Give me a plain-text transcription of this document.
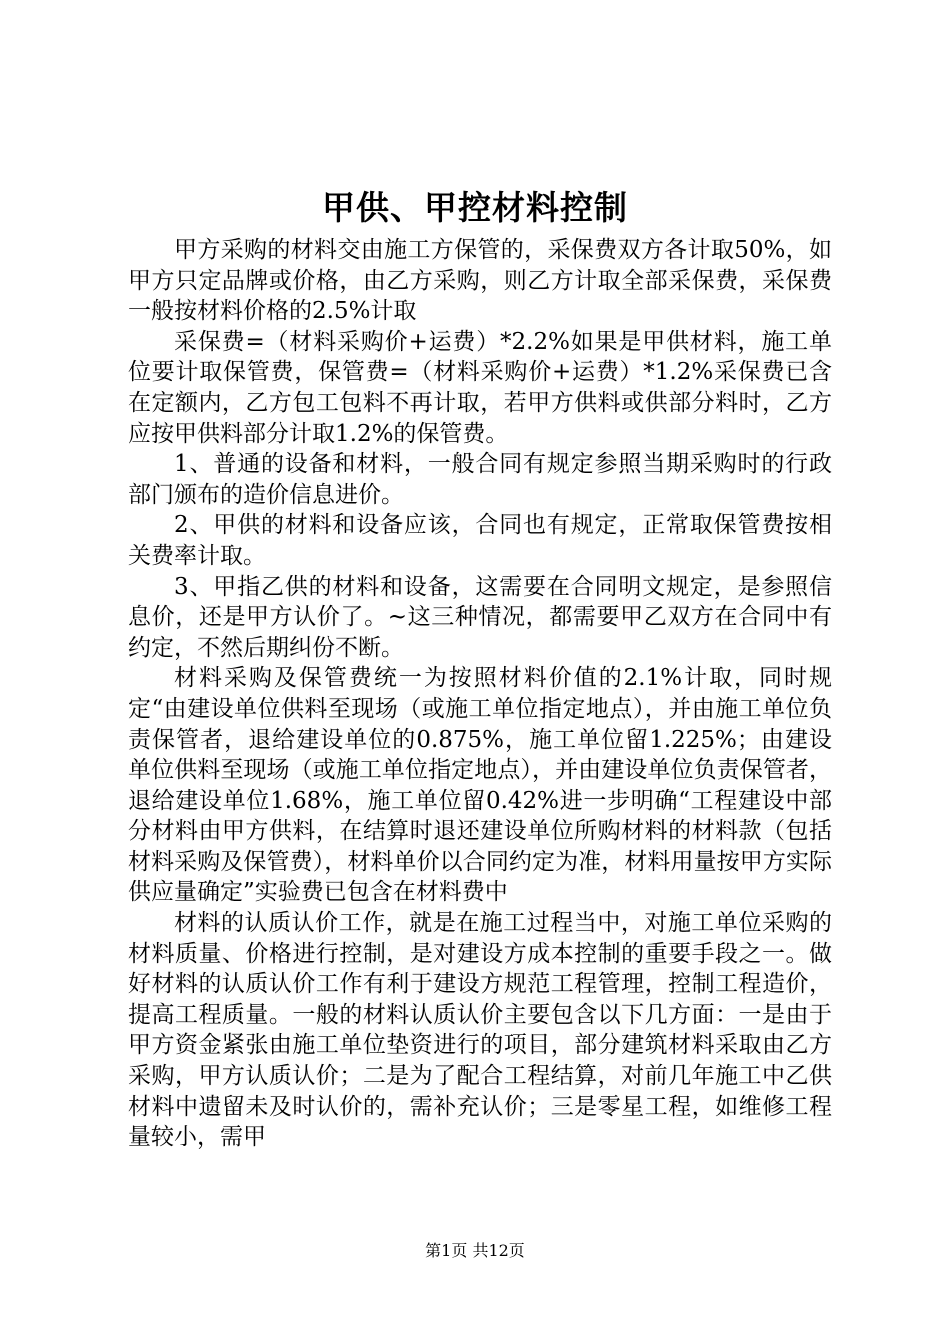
甲供、甲控材料控制

甲方采购的材料交由施工方保管的，采保费双方各计取50%，如甲方只定品牌或价格，由乙方采购，则乙方计取全部采保费，采保费一般按材料价格的2.5%计取

采保费=（材料采购价+运费）*2.2%如果是甲供材料，施工单位要计取保管费，保管费=（材料采购价+运费）*1.2%采保费已含在定额内，乙方包工包料不再计取，若甲方供料或供部分料时，乙方应按甲供料部分计取1.2%的保管费。

1、普通的设备和材料，一般合同有规定参照当期采购时的行政部门颁布的造价信息进价。

2、甲供的材料和设备应该，合同也有规定，正常取保管费按相关费率计取。

3、甲指乙供的材料和设备，这需要在合同明文规定，是参照信息价，还是甲方认价了。~这三种情况，都需要甲乙双方在合同中有约定，不然后期纠份不断。

材料采购及保管费统一为按照材料价值的2.1%计取，同时规定“由建设单位供料至现场（或施工单位指定地点），并由施工单位负责保管者，退给建设单位的0.875%，施工单位留1.225%；由建设单位供料至现场（或施工单位指定地点），并由建设单位负责保管者，退给建设单位1.68%，施工单位留0.42%进一步明确“工程建设中部分材料由甲方供料，在结算时退还建设单位所购材料的材料款（包括材料采购及保管费），材料单价以合同约定为准，材料用量按甲方实际供应量确定”实验费已包含在材料费中

材料的认质认价工作，就是在施工过程当中，对施工单位采购的材料质量、价格进行控制，是对建设方成本控制的重要手段之一。做好材料的认质认价工作有利于建设方规范工程管理，控制工程造价，提高工程质量。一般的材料认质认价主要包含以下几方面：一是由于甲方资金紧张由施工单位垫资进行的项目，部分建筑材料采取由乙方采购，甲方认质认价；二是为了配合工程结算，对前几年施工中乙供材料中遗留未及时认价的，需补充认价；三是零星工程，如维修工程量较小，需甲

第1页 共12页
